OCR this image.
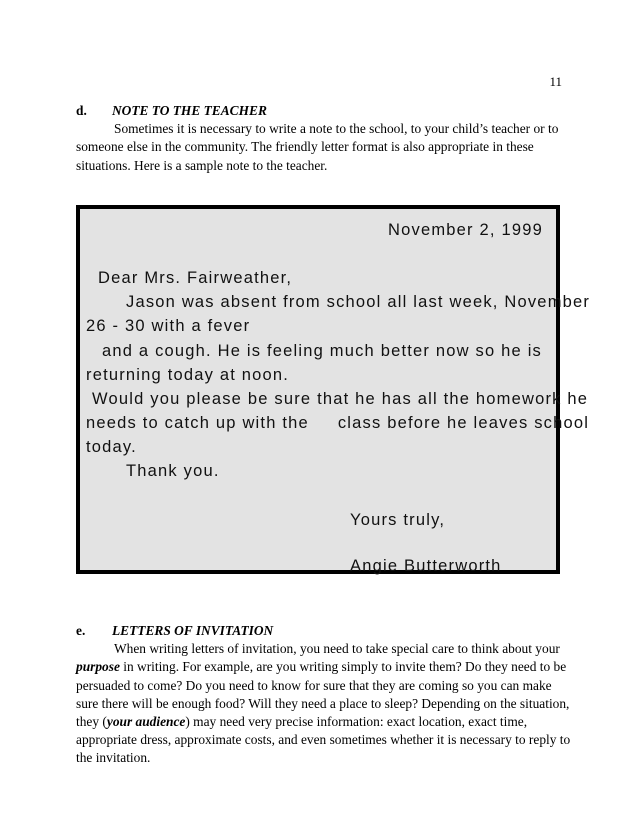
11
d. NOTE TO THE TEACHER

Sometimes it is necessary to write a note to the school, to your child’s teacher or to someone else in the community. The friendly letter format is also appropriate in these situations. Here is a sample note to the teacher.

November 2, 1999
Dear Mrs. Fairweather,
Jason was absent from school all last week, November
26 - 30 with a fever
and a cough. He is feeling much better now so he is
returning today at noon.
Would you please be sure that he has all the homework he
needs to catch up with the     class before he leaves school
today.
Thank you.
Yours truly,
Angie Butterworth
e. LETTERS OF INVITATION

When writing letters of invitation, you need to take special care to think about your purpose in writing. For example, are you writing simply to invite them? Do they need to be persuaded to come? Do you need to know for sure that they are coming so you can make sure there will be enough food? Will they need a place to sleep? Depending on the situation, they (your audience) may need very precise information: exact location, exact time, appropriate dress, approximate costs, and even sometimes whether it is necessary to reply to the invitation.
